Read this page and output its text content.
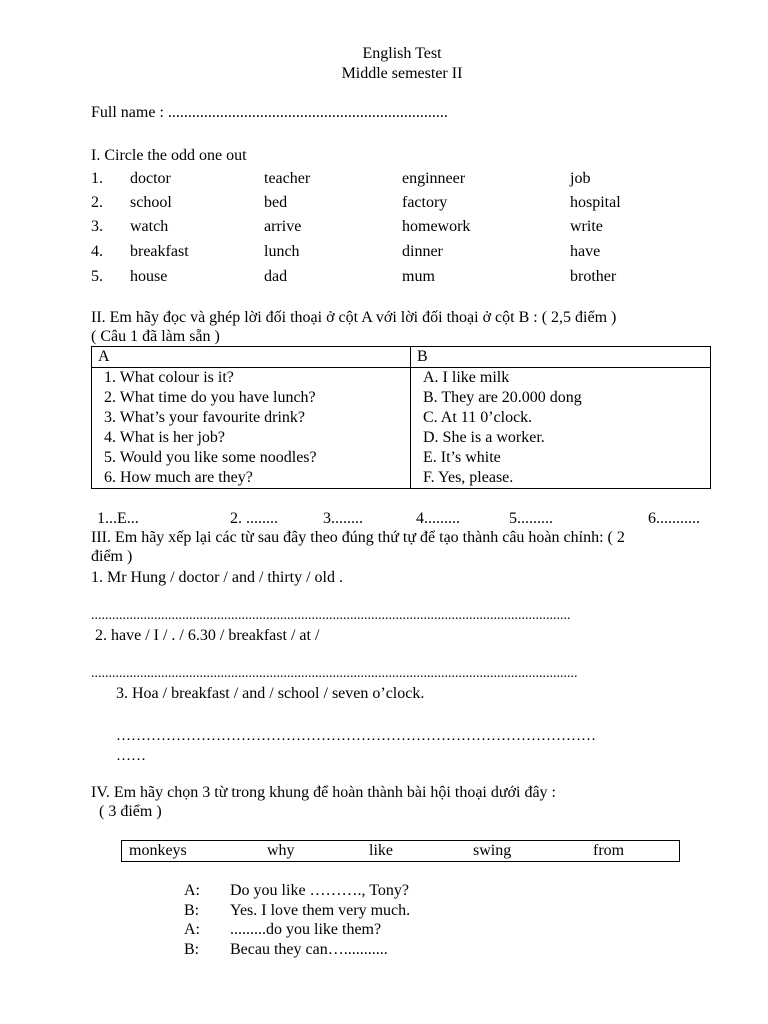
English Test
Middle semester II
Full name : ......................................................................
I. Circle the odd one out
1. doctor	teacher	enginneer	job
2. school	bed	factory	hospital
3. watch	arrive	homework	write
4. breakfast	lunch	dinner	have
5. house	dad	mum	brother
II. Em hãy đọc và ghép lời đối thoại ở cột A với lời đối thoại ở cột B : ( 2,5 điểm )
( Câu 1 đã làm sẵn )
A	B
1. What colour is it?	A. I like milk
2. What time do you have lunch?	B. They are 20.000 dong
3. What’s your favourite drink?	C. At 11 0’clock.
4. What is her job?	D. She is a worker.
5. Would you like some noodles?	E. It’s white
6. How much are they?	F. Yes, please.
1...E...	2. ........	3........	4.........	5.........	6...........
III. Em hãy xếp lại các từ sau đây theo đúng thứ tự để tạo thành câu hoàn chỉnh: ( 2
điểm )
1. Mr Hung / doctor / and / thirty / old .
.........................................................................................................................................
2. have / I / . / 6.30 / breakfast / at /
...........................................................................................................................................
3. Hoa / breakfast / and / school / seven o’clock.
……………………………………………………………………………………
……
IV. Em hãy chọn 3 từ trong khung để hoàn thành bài hội thoại dưới đây :
( 3 điểm )
monkeys	why	like	swing	from
A: Do you like ………., Tony?
B: Yes. I love them very much.
A: .........do you like them?
B: Becau they can…...........
